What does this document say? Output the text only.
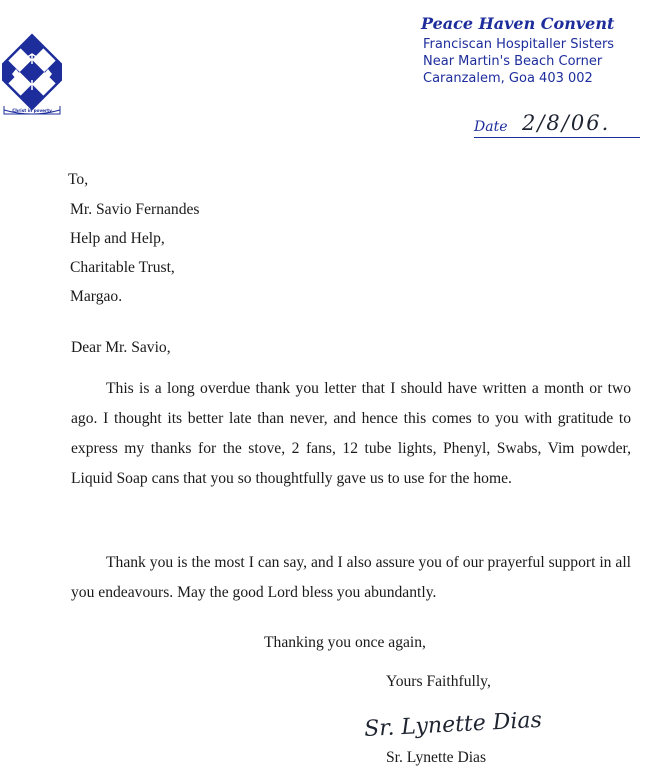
Christ in poverty
Peace Haven Convent
Franciscan Hospitaller Sisters
Near Martin's Beach Corner
Caranzalem, Goa 403 002
Date 2/8/06.
To,
Mr. Savio Fernandes
Help and Help,
Charitable Trust,
Margao.
Dear Mr. Savio,
This is a long overdue thank you letter that I should have written a month or two ago. I thought its better late than never, and hence this comes to you with gratitude to express my thanks for the stove, 2 fans, 12 tube lights, Phenyl, Swabs, Vim powder, Liquid Soap cans that you so thoughtfully gave us to use for the home.
Thank you is the most I can say, and I also assure you of our prayerful support in all you endeavours. May the good Lord bless you abundantly.
Thanking you once again,
Yours Faithfully,
Sr. Lynette Dias
Sr. Lynette Dias
